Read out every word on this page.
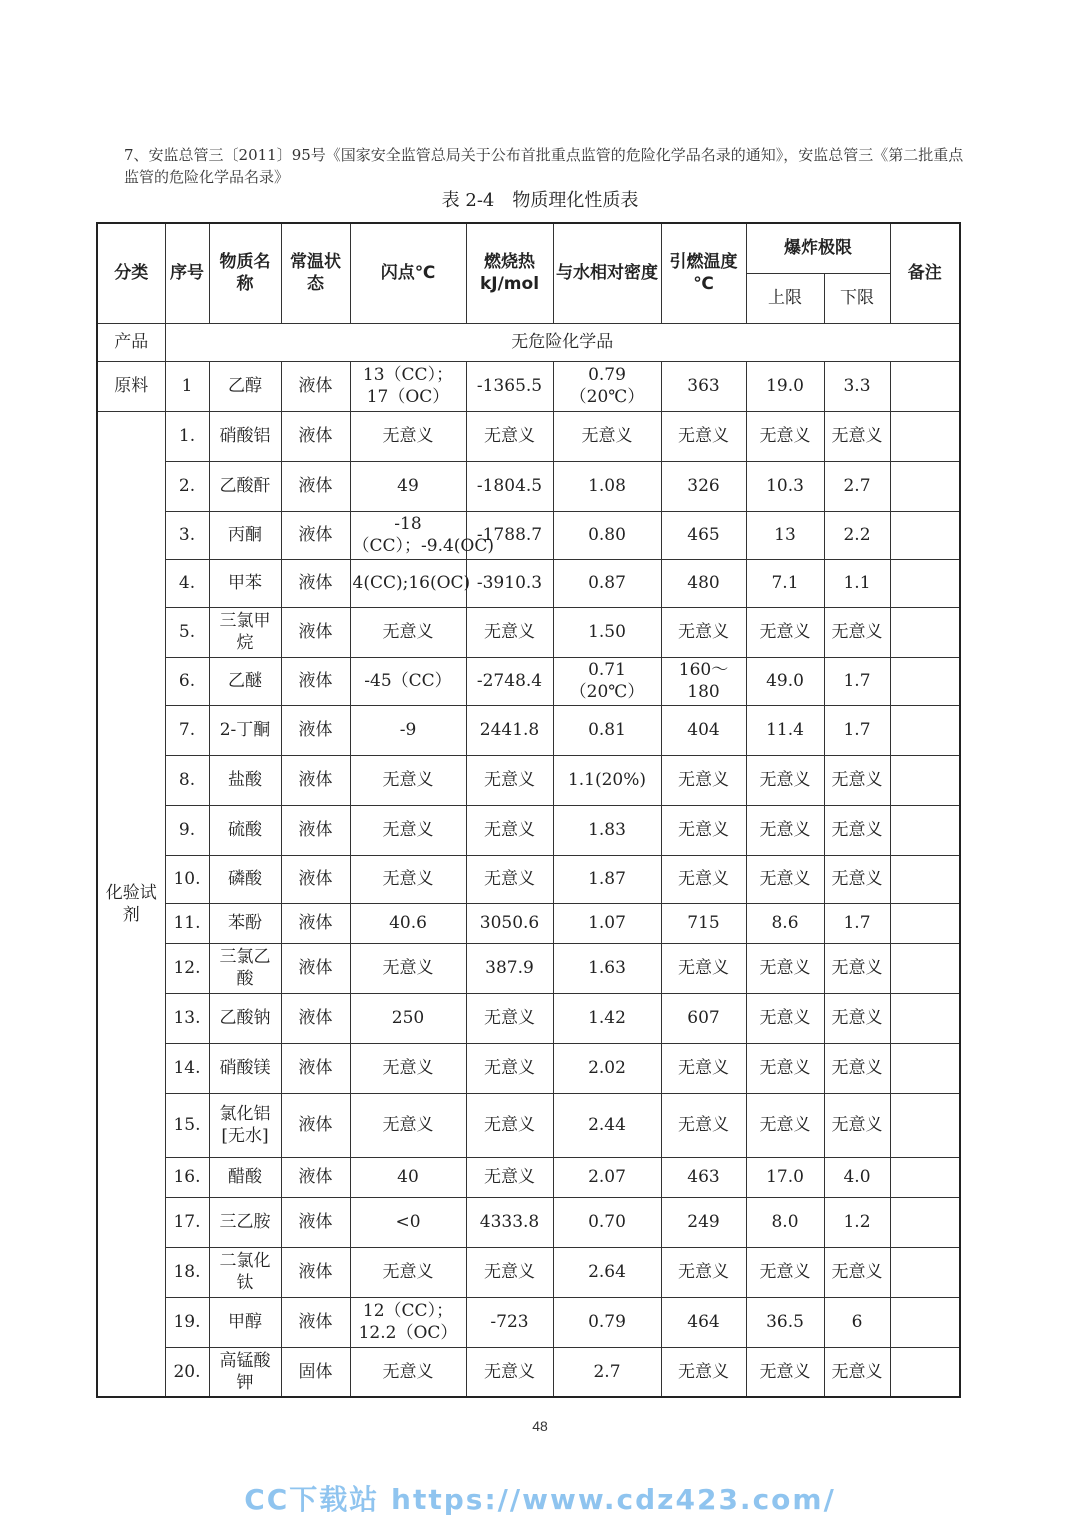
7、安监总管三〔2011〕95号《国家安全监管总局关于公布首批重点监管的危险化学品名录的通知》，安监总管三《第二批重点监管的危险化学品名录》
表 2-4 物质理化性质表
分类	序号	物质名称	常温状态	闪点℃	燃烧热 kJ/mol	与水相对密度	引燃温度 ℃	爆炸极限		备注
								上限	下限	
产品	无危险化学品									
原料	1	乙醇	液体	13（CC）；17（OC）	-1365.5	0.79（20℃）	363	19.0	3.3	
化验试剂	1.	硝酸铝	液体	无意义	无意义	无意义	无意义	无意义	无意义	
	2.	乙酸酐	液体	49	-1804.5	1.08	326	10.3	2.7	
	3.	丙酮	液体	-18（CC）；-9.4(OC)	-1788.7	0.80	465	13	2.2	
	4.	甲苯	液体	4(CC);16(OC)	-3910.3	0.87	480	7.1	1.1	
	5.	三氯甲烷	液体	无意义	无意义	1.50	无意义	无意义	无意义	
	6.	乙醚	液体	-45（CC）	-2748.4	0.71（20℃）	160～180	49.0	1.7	
	7.	2-丁酮	液体	-9	2441.8	0.81	404	11.4	1.7	
	8.	盐酸	液体	无意义	无意义	1.1(20%)	无意义	无意义	无意义	
	9.	硫酸	液体	无意义	无意义	1.83	无意义	无意义	无意义	
	10.	磷酸	液体	无意义	无意义	1.87	无意义	无意义	无意义	
	11.	苯酚	液体	40.6	3050.6	1.07	715	8.6	1.7	
	12.	三氯乙酸	液体	无意义	387.9	1.63	无意义	无意义	无意义	
	13.	乙酸钠	液体	250	无意义	1.42	607	无意义	无意义	
	14.	硝酸镁	液体	无意义	无意义	2.02	无意义	无意义	无意义	
	15.	氯化铝[无水]	液体	无意义	无意义	2.44	无意义	无意义	无意义	
	16.	醋酸	液体	40	无意义	2.07	463	17.0	4.0	
	17.	三乙胺	液体	<0	4333.8	0.70	249	8.0	1.2	
	18.	二氯化钛	液体	无意义	无意义	2.64	无意义	无意义	无意义	
	19.	甲醇	液体	12（CC）；12.2（OC）	-723	0.79	464	36.5	6	
	20.	高锰酸钾	固体	无意义	无意义	2.7	无意义	无意义	无意义	
48
CC下载站 https://www.cdz423.com/
